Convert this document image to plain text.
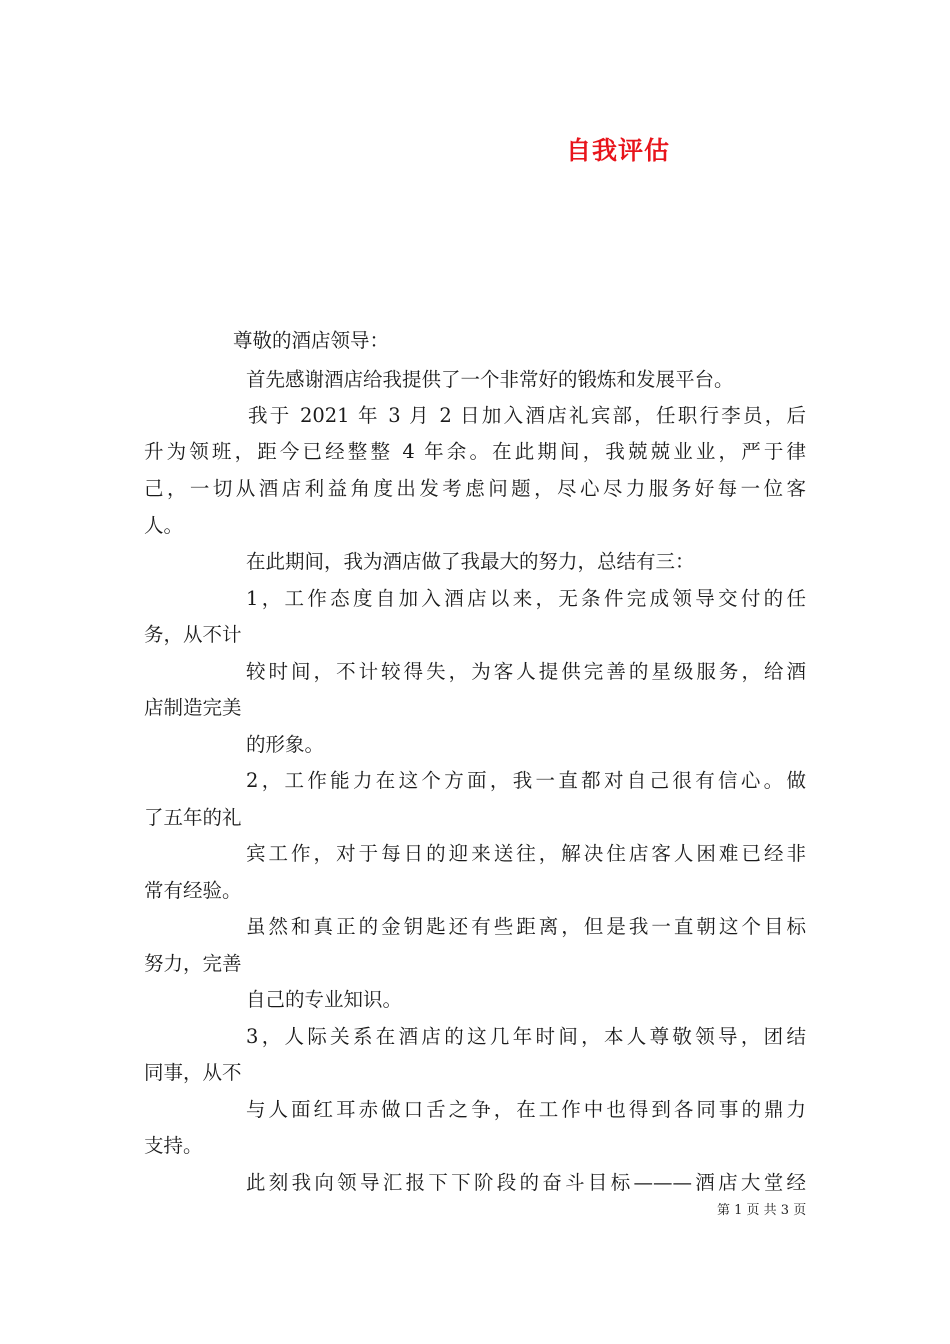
自我评估

尊敬的酒店领导：

首先感谢酒店给我提供了一个非常好的锻炼和发展平台。

我于 2021 年 3 月 2 日加入酒店礼宾部，任职行李员，后

升为领班，距今已经整整 4 年余。在此期间，我兢兢业业，严于律

己，一切从酒店利益角度出发考虑问题，尽心尽力服务好每一位客

人。

在此期间，我为酒店做了我最大的努力，总结有三：

1，工作态度自加入酒店以来，无条件完成领导交付的任

务，从不计

较时间，不计较得失，为客人提供完善的星级服务，给酒

店制造完美

的形象。

2，工作能力在这个方面，我一直都对自己很有信心。做

了五年的礼

宾工作，对于每日的迎来送往，解决住店客人困难已经非

常有经验。

虽然和真正的金钥匙还有些距离，但是我一直朝这个目标

努力，完善

自己的专业知识。

3，人际关系在酒店的这几年时间，本人尊敬领导，团结

同事，从不

与人面红耳赤做口舌之争，在工作中也得到各同事的鼎力

支持。

此刻我向领导汇报下下阶段的奋斗目标———酒店大堂经

第 1 页 共 3 页
